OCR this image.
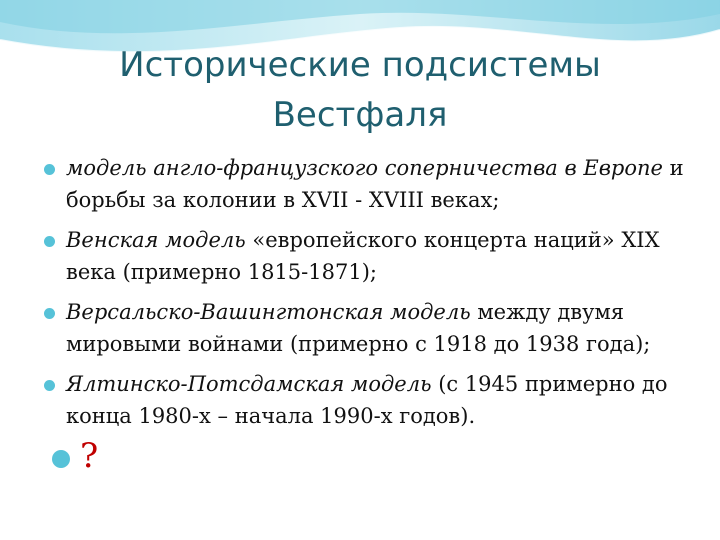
Исторические подсистемы
Вестфаля
модель англо-французского соперничества в Европе и борьбы за колонии в XVII - XVIII веках;
Венская модель «европейского концерта наций» XIX века (примерно 1815-1871);
Версальско-Вашингтонская модель между двумя мировыми войнами (примерно с 1918 до 1938 года);
Ялтинско-Потсдамская модель (с 1945 примерно до конца 1980-х – начала 1990-х годов).
?
